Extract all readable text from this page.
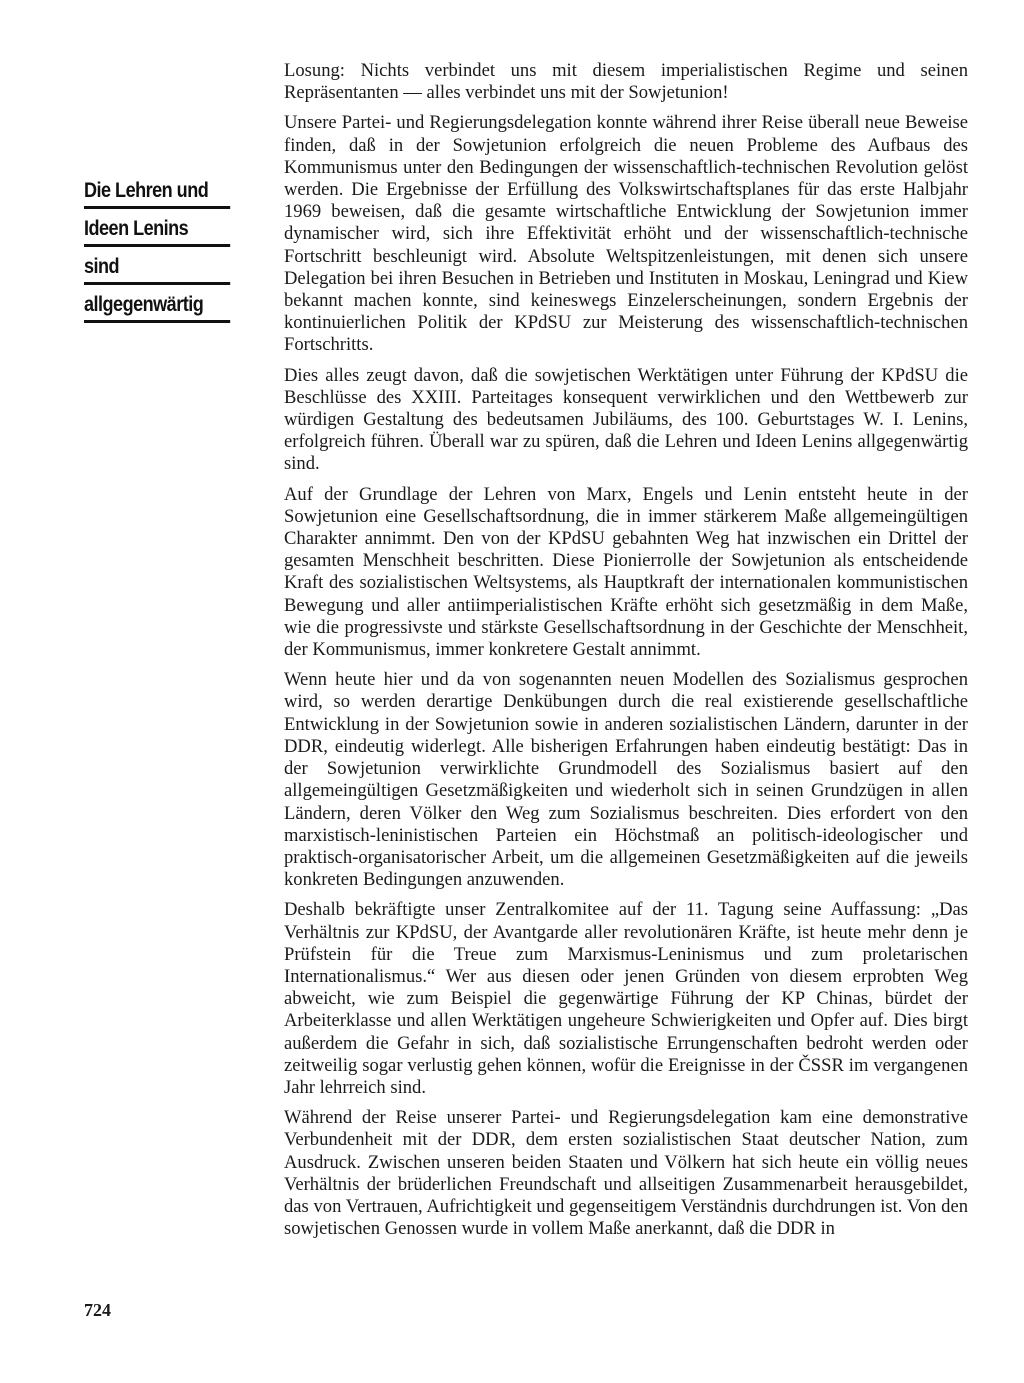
Die Lehren und
Ideen Lenins
sind
allgegenwärtig

Losung: Nichts verbindet uns mit diesem imperialistischen Regime und seinen Repräsentanten — alles verbindet uns mit der Sowjetunion!

Unsere Partei- und Regierungsdelegation konnte während ihrer Reise überall neue Beweise finden, daß in der Sowjetunion erfolgreich die neuen Probleme des Aufbaus des Kommunismus unter den Bedingungen der wissenschaftlich-technischen Revolution gelöst werden. Die Ergebnisse der Erfüllung des Volkswirtschaftsplanes für das erste Halbjahr 1969 beweisen, daß die gesamte wirtschaftliche Entwicklung der Sowjetunion immer dynamischer wird, sich ihre Effektivität erhöht und der wissenschaftlich-technische Fortschritt beschleunigt wird. Absolute Weltspitzenleistungen, mit denen sich unsere Delegation bei ihren Besuchen in Betrieben und Instituten in Moskau, Leningrad und Kiew bekannt machen konnte, sind keineswegs Einzelerscheinungen, sondern Ergebnis der kontinuierlichen Politik der KPdSU zur Meisterung des wissenschaftlich-technischen Fortschritts.

Dies alles zeugt davon, daß die sowjetischen Werktätigen unter Führung der KPdSU die Beschlüsse des XXIII. Parteitages konsequent verwirklichen und den Wettbewerb zur würdigen Gestaltung des bedeutsamen Jubiläums, des 100. Geburtstages W. I. Lenins, erfolgreich führen. Überall war zu spüren, daß die Lehren und Ideen Lenins allgegenwärtig sind.

Auf der Grundlage der Lehren von Marx, Engels und Lenin entsteht heute in der Sowjetunion eine Gesellschaftsordnung, die in immer stärkerem Maße allgemeingültigen Charakter annimmt. Den von der KPdSU gebahnten Weg hat inzwischen ein Drittel der gesamten Menschheit beschritten. Diese Pionierrolle der Sowjetunion als entscheidende Kraft des sozialistischen Weltsystems, als Hauptkraft der internationalen kommunistischen Bewegung und aller antiimperialistischen Kräfte erhöht sich gesetzmäßig in dem Maße, wie die progressivste und stärkste Gesellschaftsordnung in der Geschichte der Menschheit, der Kommunismus, immer konkretere Gestalt annimmt.

Wenn heute hier und da von sogenannten neuen Modellen des Sozialismus gesprochen wird, so werden derartige Denkübungen durch die real existierende gesellschaftliche Entwicklung in der Sowjetunion sowie in anderen sozialistischen Ländern, darunter in der DDR, eindeutig widerlegt. Alle bisherigen Erfahrungen haben eindeutig bestätigt: Das in der Sowjetunion verwirklichte Grundmodell des Sozialismus basiert auf den allgemeingültigen Gesetzmäßigkeiten und wiederholt sich in seinen Grundzügen in allen Ländern, deren Völker den Weg zum Sozialismus beschreiten. Dies erfordert von den marxistisch-leninistischen Parteien ein Höchstmaß an politisch-ideologischer und praktisch-organisatorischer Arbeit, um die allgemeinen Gesetzmäßigkeiten auf die jeweils konkreten Bedingungen anzuwenden.

Deshalb bekräftigte unser Zentralkomitee auf der 11. Tagung seine Auffassung: „Das Verhältnis zur KPdSU, der Avantgarde aller revolutionären Kräfte, ist heute mehr denn je Prüfstein für die Treue zum Marxismus-Leninismus und zum proletarischen Internationalismus.“ Wer aus diesen oder jenen Gründen von diesem erprobten Weg abweicht, wie zum Beispiel die gegenwärtige Führung der KP Chinas, bürdet der Arbeiterklasse und allen Werktätigen ungeheure Schwierigkeiten und Opfer auf. Dies birgt außerdem die Gefahr in sich, daß sozialistische Errungenschaften bedroht werden oder zeitweilig sogar verlustig gehen können, wofür die Ereignisse in der ČSSR im vergangenen Jahr lehrreich sind.

Während der Reise unserer Partei- und Regierungsdelegation kam eine demonstrative Verbundenheit mit der DDR, dem ersten sozialistischen Staat deutscher Nation, zum Ausdruck. Zwischen unseren beiden Staaten und Völkern hat sich heute ein völlig neues Verhältnis der brüderlichen Freundschaft und allseitigen Zusammenarbeit herausgebildet, das von Vertrauen, Aufrichtigkeit und gegenseitigem Verständnis durchdrungen ist. Von den sowjetischen Genossen wurde in vollem Maße anerkannt, daß die DDR in

724
